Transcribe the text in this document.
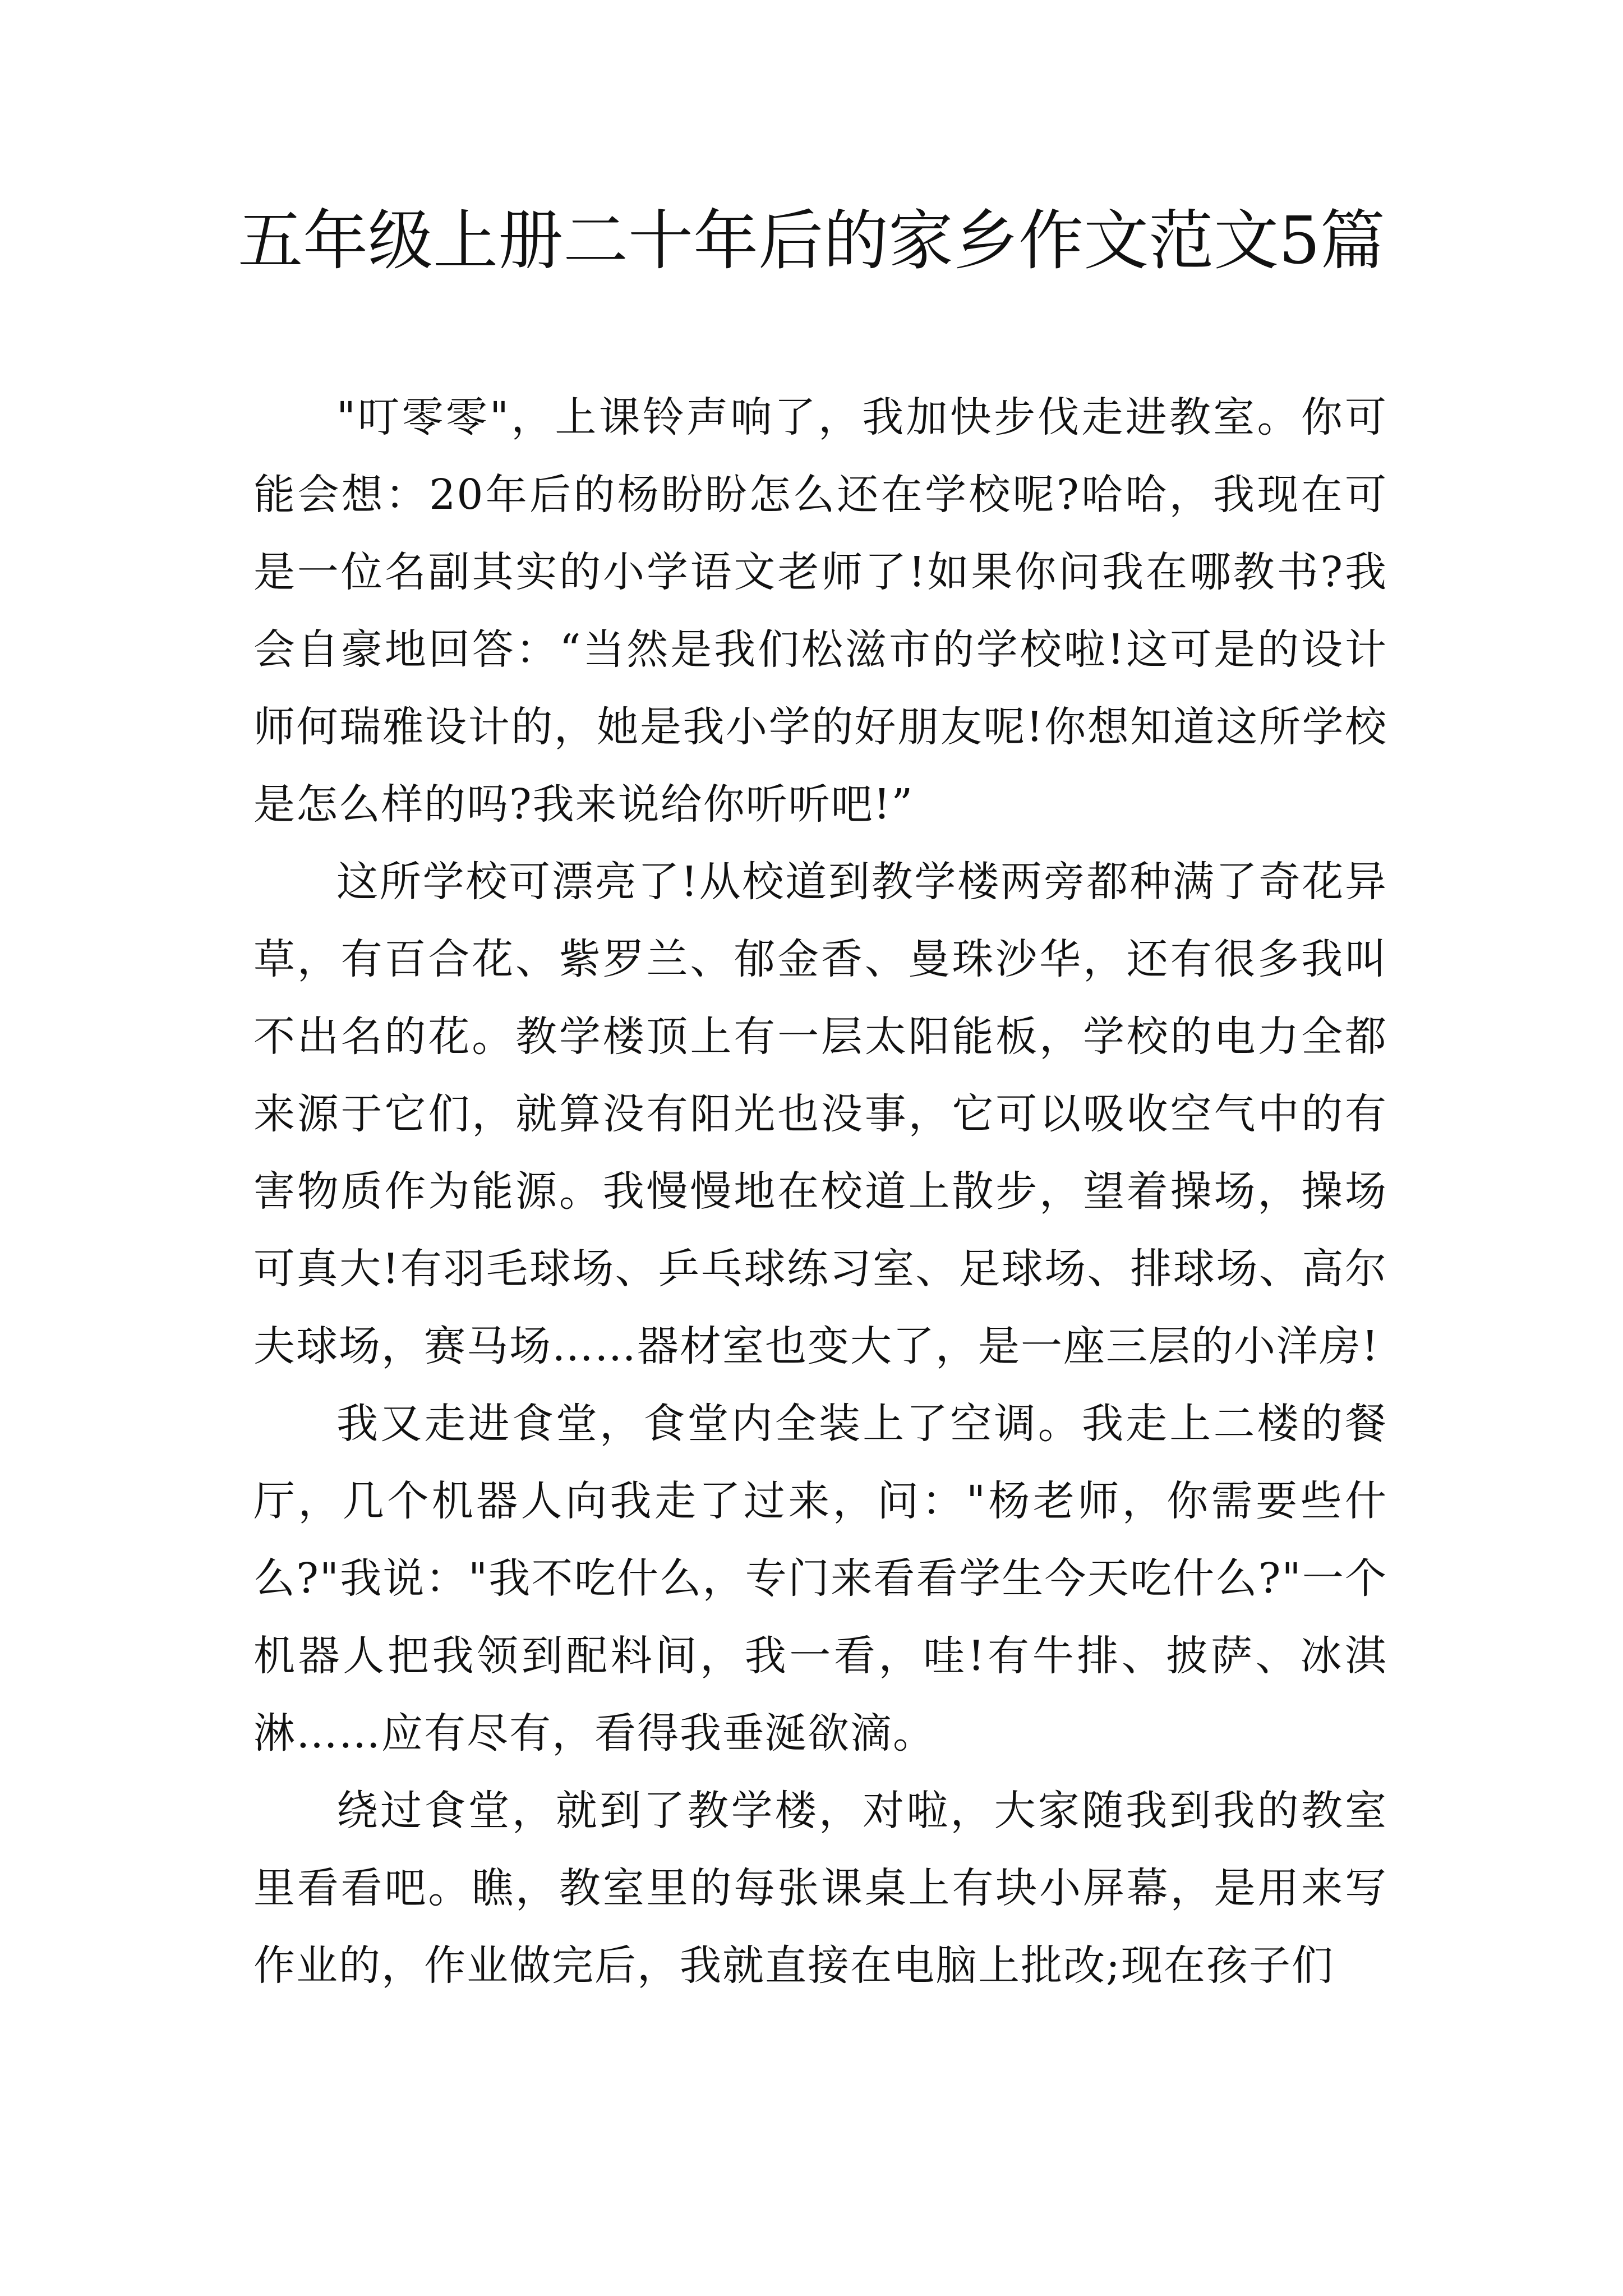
五年级上册二十年后的家乡作文范文5篇

"叮零零"，上课铃声响了，我加快步伐走进教室。你可能会想：20年后的杨盼盼怎么还在学校呢?哈哈，我现在可是一位名副其实的小学语文老师了!如果你问我在哪教书?我会自豪地回答：“当然是我们松滋市的学校啦!这可是的设计师何瑞雅设计的，她是我小学的好朋友呢!你想知道这所学校是怎么样的吗?我来说给你听听吧!”

这所学校可漂亮了!从校道到教学楼两旁都种满了奇花异草，有百合花、紫罗兰、郁金香、曼珠沙华，还有很多我叫不出名的花。教学楼顶上有一层太阳能板，学校的电力全都来源于它们，就算没有阳光也没事，它可以吸收空气中的有害物质作为能源。我慢慢地在校道上散步，望着操场，操场可真大!有羽毛球场、乒乓球练习室、足球场、排球场、高尔夫球场，赛马场……器材室也变大了，是一座三层的小洋房!

我又走进食堂，食堂内全装上了空调。我走上二楼的餐厅，几个机器人向我走了过来，问："杨老师，你需要些什么?"我说："我不吃什么，专门来看看学生今天吃什么?"一个机器人把我领到配料间，我一看，哇!有牛排、披萨、冰淇淋……应有尽有，看得我垂涎欲滴。

绕过食堂，就到了教学楼，对啦，大家随我到我的教室里看看吧。瞧，教室里的每张课桌上有块小屏幕，是用来写作业的，作业做完后，我就直接在电脑上批改;现在孩子们
